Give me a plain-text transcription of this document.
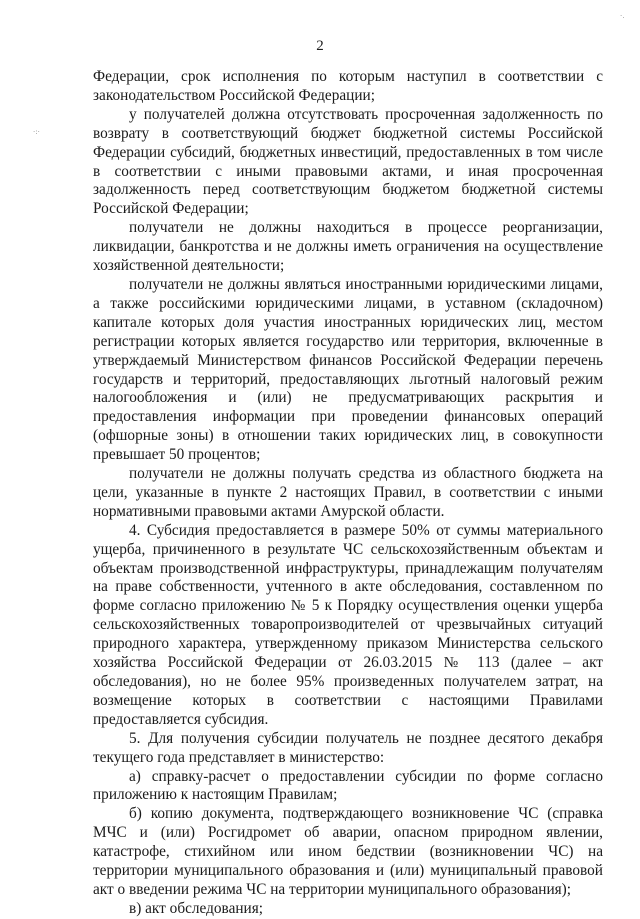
·:·
·.
2

Федерации, срок исполнения по которым наступил в соответствии с законодательством Российской Федерации;

у получателей должна отсутствовать просроченная задолженность по возврату в соответствующий бюджет бюджетной системы Российской Федерации субсидий, бюджетных инвестиций, предоставленных в том числе в соответствии с иными правовыми актами, и иная просроченная задолженность перед соответствующим бюджетом бюджетной системы Российской Федерации;

получатели не должны находиться в процессе реорганизации, ликвидации, банкротства и не должны иметь ограничения на осуществление хозяйственной деятельности;

получатели не должны являться иностранными юридическими лицами, а также российскими юридическими лицами, в уставном (складочном) капитале которых доля участия иностранных юридических лиц, местом регистрации которых является государство или территория, включенные в утверждаемый Министерством финансов Российской Федерации перечень государств и территорий, предоставляющих льготный налоговый режим налогообложения и (или) не предусматривающих раскрытия и предоставления информации при проведении финансовых операций (офшорные зоны) в отношении таких юридических лиц, в совокупности превышает 50 процентов;

получатели не должны получать средства из областного бюджета на цели, указанные в пункте 2 настоящих Правил, в соответствии с иными нормативными правовыми актами Амурской области.

4. Субсидия предоставляется в размере 50% от суммы материального ущерба, причиненного в результате ЧС сельскохозяйственным объектам и объектам производственной инфраструктуры, принадлежащим получателям на праве собственности, учтенного в акте обследования, составленном по форме согласно приложению № 5 к Порядку осуществления оценки ущерба сельскохозяйственных товаропроизводителей от чрезвычайных ситуаций природного характера, утвержденному приказом Министерства сельского хозяйства Российской Федерации от 26.03.2015 № 113 (далее – акт обследования), но не более 95% произведенных получателем затрат, на возмещение которых в соответствии с настоящими Правилами предоставляется субсидия.

5. Для получения субсидии получатель не позднее десятого декабря текущего года представляет в министерство:

а) справку-расчет о предоставлении субсидии по форме согласно приложению к настоящим Правилам;

б) копию документа, подтверждающего возникновение ЧС (справка МЧС и (или) Росгидромет об аварии, опасном природном явлении, катастрофе, стихийном или ином бедствии (возникновении ЧС) на территории муниципального образования и (или) муниципальный правовой акт о введении режима ЧС на территории муниципального образования);

в) акт обследования;
